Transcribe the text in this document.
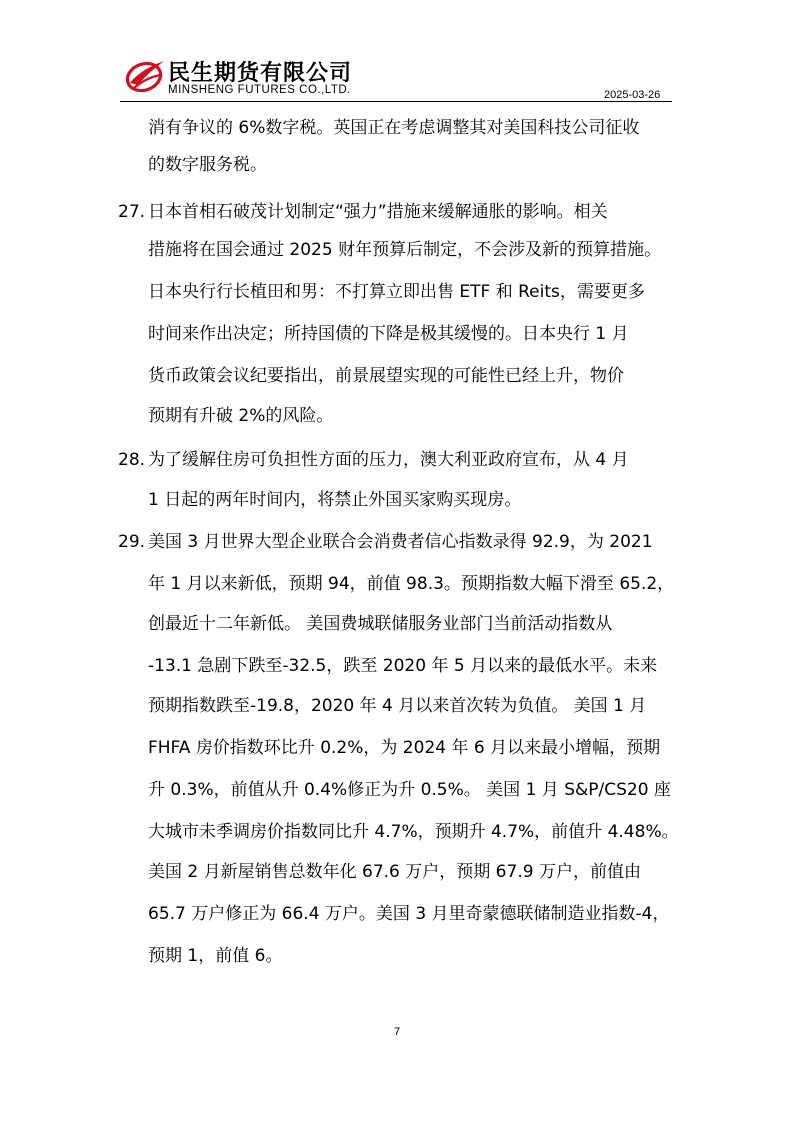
民生期货有限公司
MINSHENG FUTURES CO.,LTD.	2025-03-26
消有争议的 6%数字税。英国正在考虑调整其对美国科技公司征收
的数字服务税。
27. 日本首相石破茂计划制定“强力”措施来缓解通胀的影响。相关
措施将在国会通过 2025 财年预算后制定，不会涉及新的预算措施。
日本央行行长植田和男：不打算立即出售 ETF 和 Reits，需要更多
时间来作出决定；所持国债的下降是极其缓慢的。日本央行 1 月
货币政策会议纪要指出，前景展望实现的可能性已经上升，物价
预期有升破 2%的风险。
28. 为了缓解住房可负担性方面的压力，澳大利亚政府宣布，从 4 月
1 日起的两年时间内，将禁止外国买家购买现房。
29. 美国 3 月世界大型企业联合会消费者信心指数录得 92.9，为 2021
年 1 月以来新低，预期 94，前值 98.3。预期指数大幅下滑至 65.2，
创最近十二年新低。 美国费城联储服务业部门当前活动指数从
-13.1 急剧下跌至-32.5，跌至 2020 年 5 月以来的最低水平。未来
预期指数跌至-19.8，2020 年 4 月以来首次转为负值。 美国 1 月
FHFA 房价指数环比升 0.2%，为 2024 年 6 月以来最小增幅，预期
升 0.3%，前值从升 0.4%修正为升 0.5%。 美国 1 月 S&P/CS20 座
大城市未季调房价指数同比升 4.7%，预期升 4.7%，前值升 4.48%。
美国 2 月新屋销售总数年化 67.6 万户，预期 67.9 万户，前值由
65.7 万户修正为 66.4 万户。美国 3 月里奇蒙德联储制造业指数-4，
预期 1，前值 6。
7
